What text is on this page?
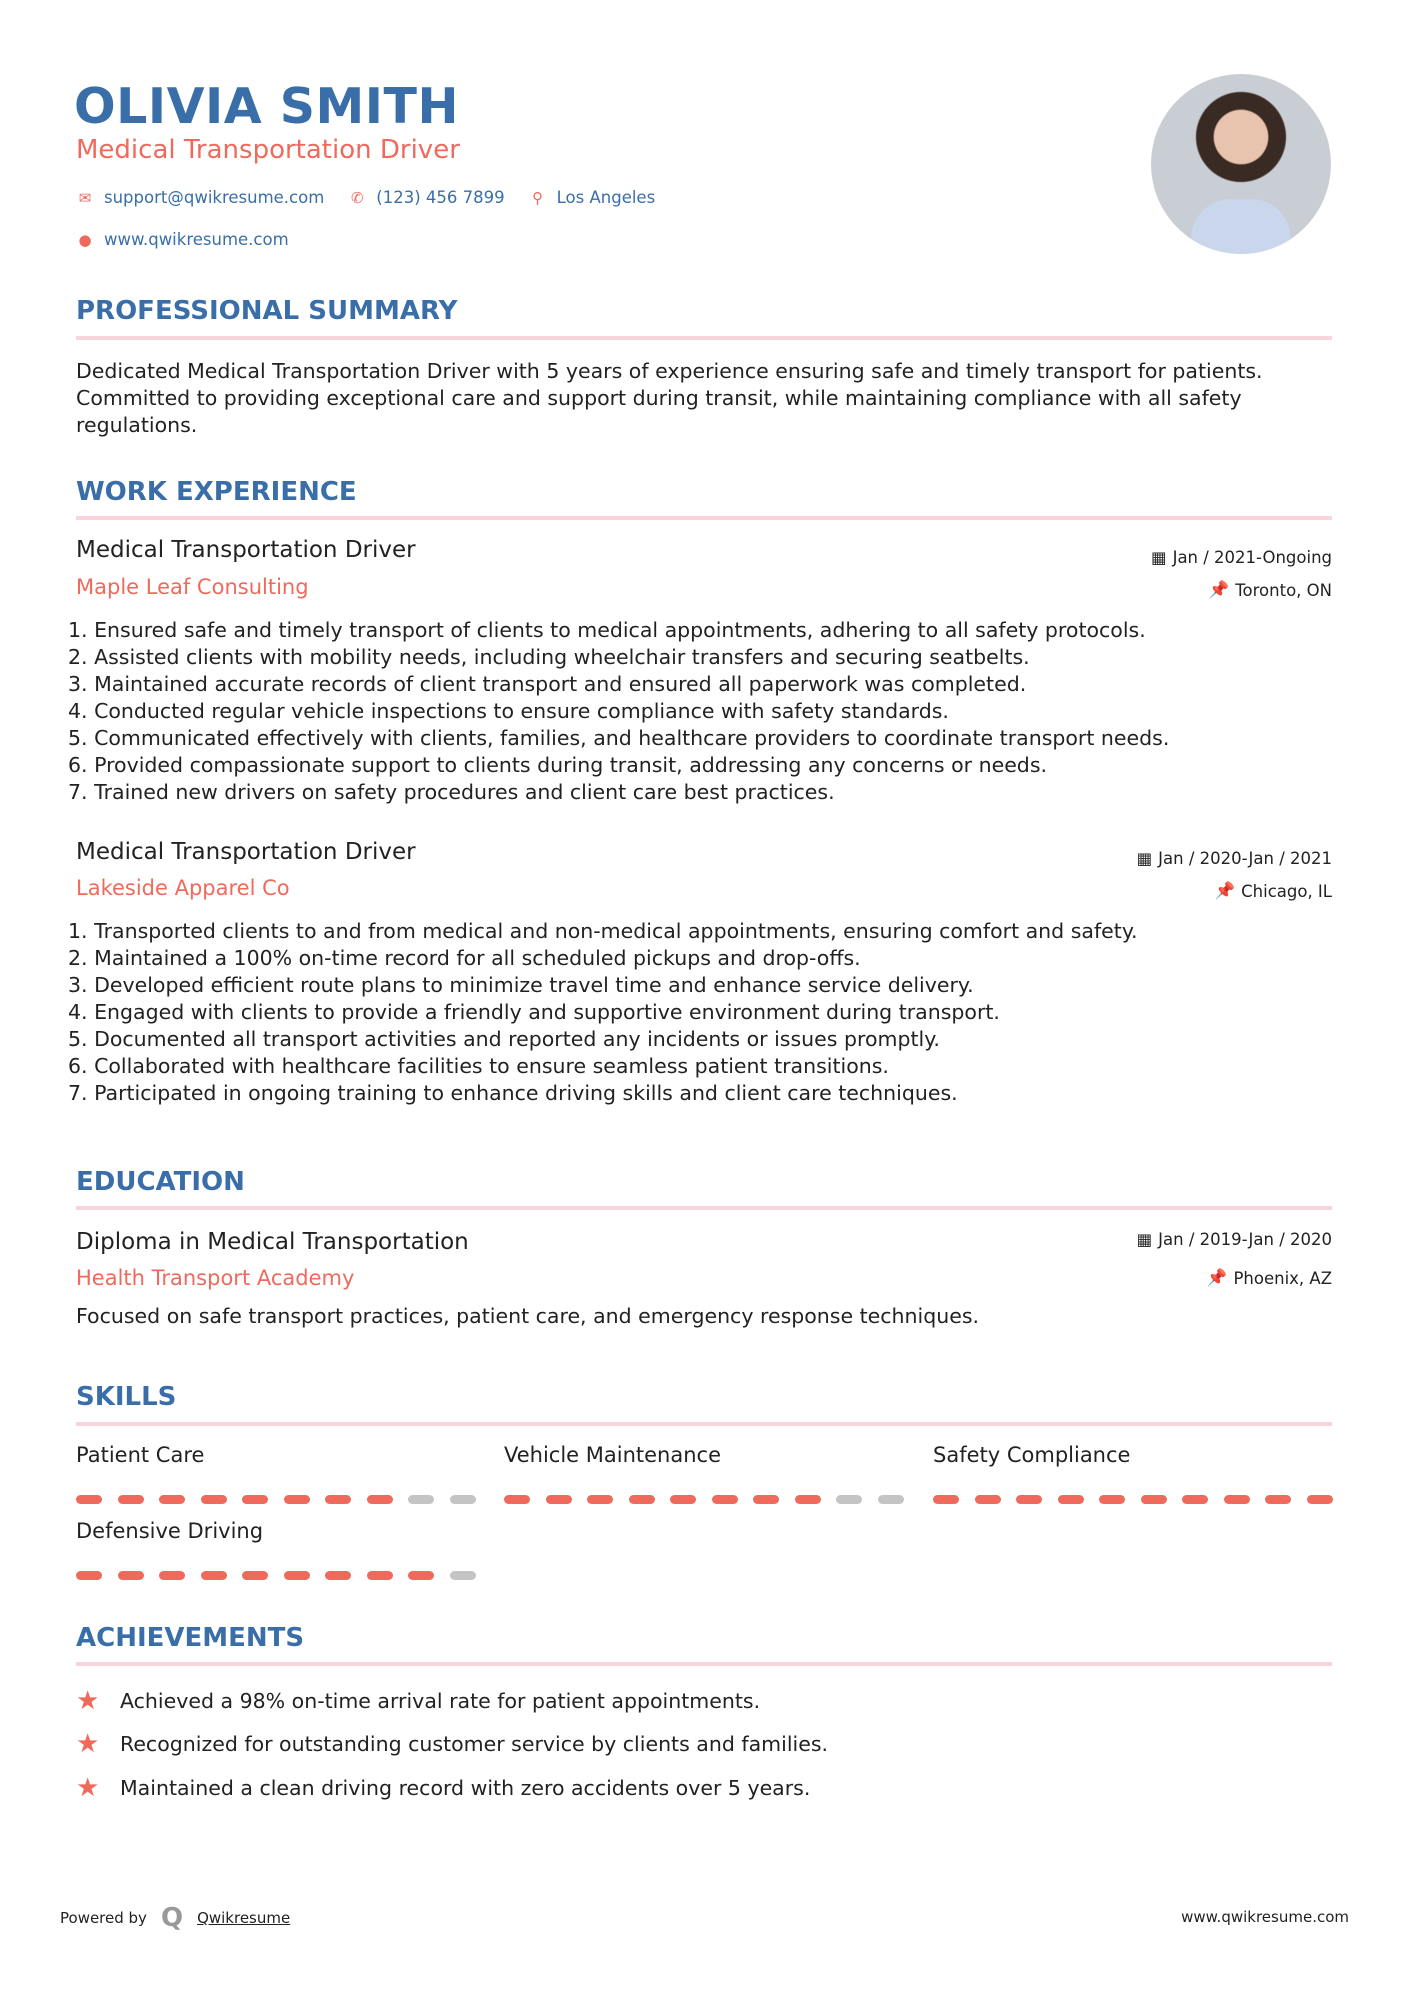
OLIVIA SMITH
Medical Transportation Driver
✉ support@qwikresume.com ✆ (123) 456 7899 ⚲ Los Angeles
● www.qwikresume.com
PROFESSIONAL SUMMARY
Dedicated Medical Transportation Driver with 5 years of experience ensuring safe and timely transport for patients. Committed to providing exceptional care and support during transit, while maintaining compliance with all safety regulations.
WORK EXPERIENCE
Medical Transportation Driver
Maple Leaf Consulting
▦ Jan / 2021-Ongoing
📌 Toronto, ON
1. Ensured safe and timely transport of clients to medical appointments, adhering to all safety protocols.
2. Assisted clients with mobility needs, including wheelchair transfers and securing seatbelts.
3. Maintained accurate records of client transport and ensured all paperwork was completed.
4. Conducted regular vehicle inspections to ensure compliance with safety standards.
5. Communicated effectively with clients, families, and healthcare providers to coordinate transport needs.
6. Provided compassionate support to clients during transit, addressing any concerns or needs.
7. Trained new drivers on safety procedures and client care best practices.
Medical Transportation Driver
Lakeside Apparel Co
▦ Jan / 2020-Jan / 2021
📌 Chicago, IL
1. Transported clients to and from medical and non-medical appointments, ensuring comfort and safety.
2. Maintained a 100% on-time record for all scheduled pickups and drop-offs.
3. Developed efficient route plans to minimize travel time and enhance service delivery.
4. Engaged with clients to provide a friendly and supportive environment during transport.
5. Documented all transport activities and reported any incidents or issues promptly.
6. Collaborated with healthcare facilities to ensure seamless patient transitions.
7. Participated in ongoing training to enhance driving skills and client care techniques.
EDUCATION
Diploma in Medical Transportation
Health Transport Academy
▦ Jan / 2019-Jan / 2020
📌 Phoenix, AZ
Focused on safe transport practices, patient care, and emergency response techniques.
SKILLS
Patient Care	Vehicle Maintenance	Safety Compliance
Defensive Driving
ACHIEVEMENTS
★	Achieved a 98% on-time arrival rate for patient appointments.
★	Recognized for outstanding customer service by clients and families.
★	Maintained a clean driving record with zero accidents over 5 years.
Powered by Q Qwikresume	www.qwikresume.com
